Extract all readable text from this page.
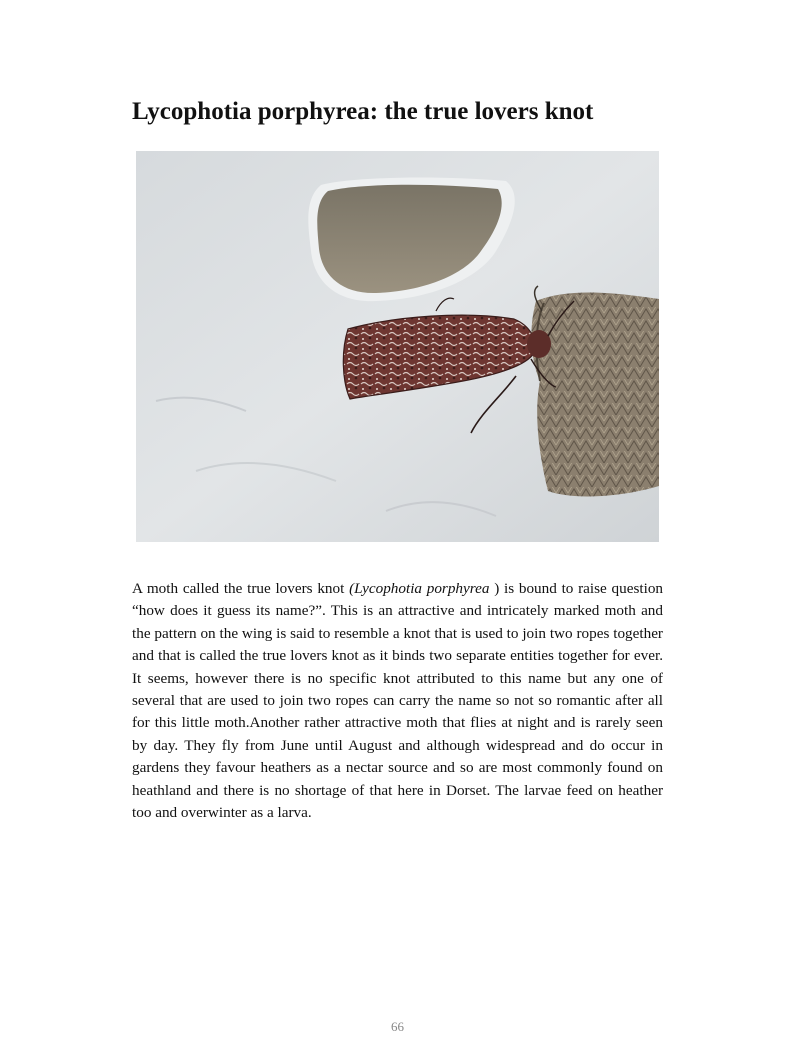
Lycophotia porphyrea: the true lovers knot

A moth called the true lovers knot (Lycophotia porphyrea ) is bound to raise question “how does it guess its name?”. This is an attractive and intricately marked moth and the pattern on the wing is said to resemble a knot that is used to join two ropes together and that is called the true lovers knot as it binds two separate entities together for ever. It seems, however there is no specific knot attributed to this name but any one of several that are used to join two ropes can carry the name so not so romantic after all for this little moth.Another rather attractive moth that flies at night and is rarely seen by day. They fly from June until August and although widespread and do occur in gardens they favour heathers as a nectar source and so are most commonly found on heathland and there is no shortage of that here in Dorset. The larvae feed on heather too and overwinter as a larva.

66
